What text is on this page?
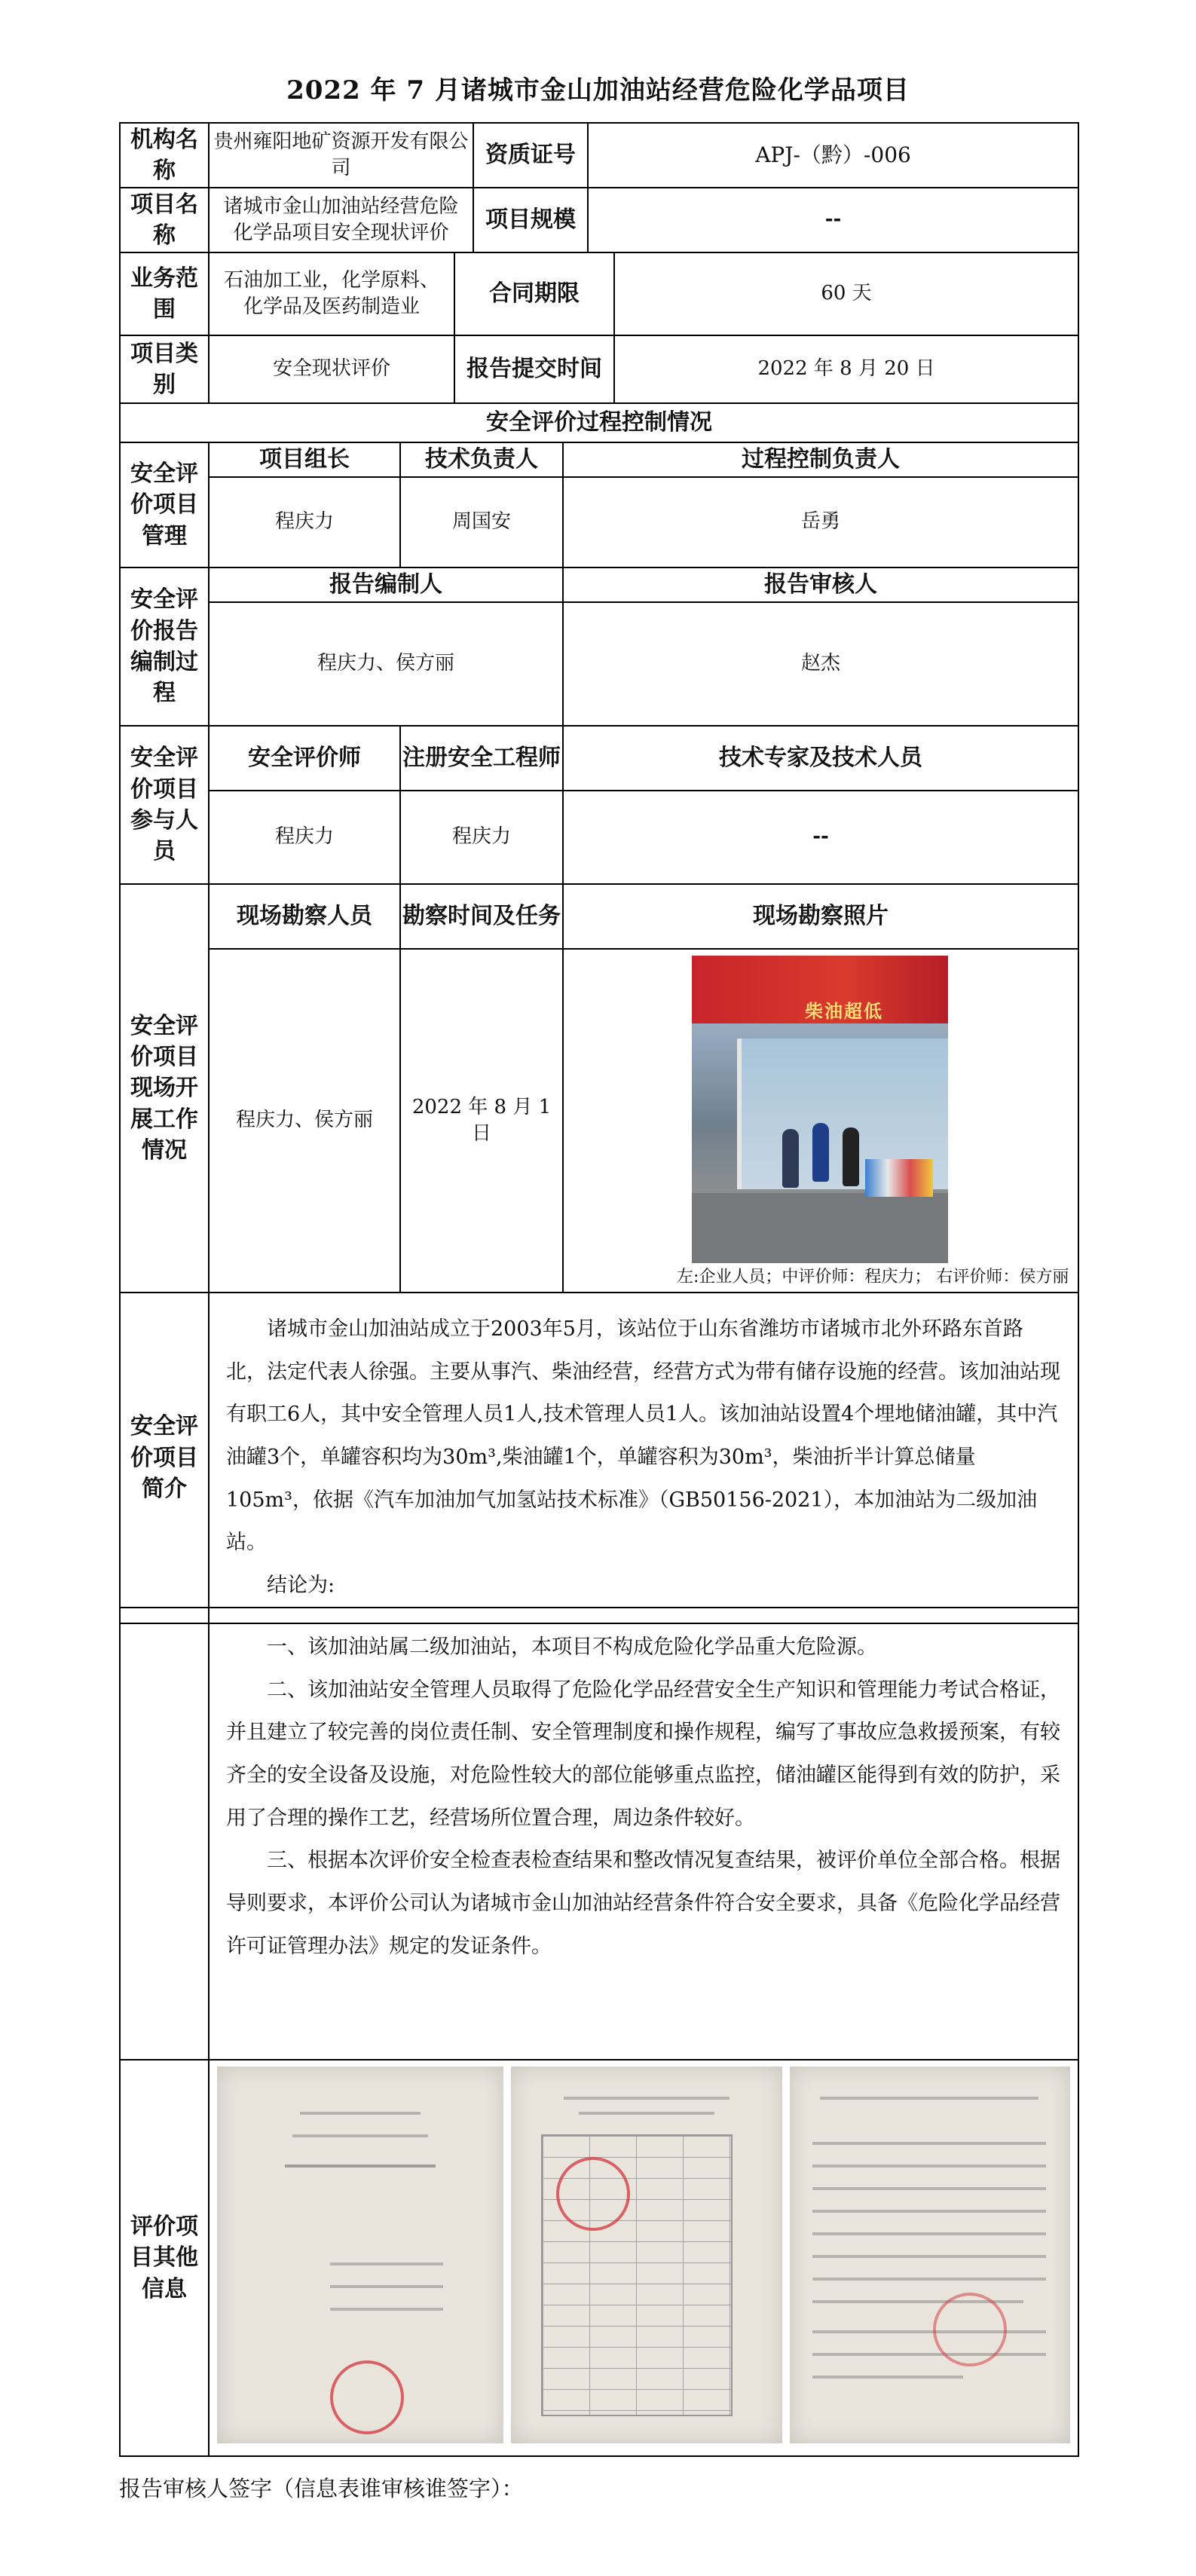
2022 年 7 月诸城市金山加油站经营危险化学品项目
机构名称	贵州雍阳地矿资源开发有限公司		资质证号	APJ-（黔）-006	
项目名称	诸城市金山加油站经营危险化学品项目安全现状评价		项目规模	--	
业务范围	石油加工业，化学原料、化学品及医药制造业	合同期限			60 天
项目类别	安全现状评价	报告提交时间			2022 年 8 月 20 日
安全评价过程控制情况					
安全评价项目管理	项目组长	技术负责人	过程控制负责人
	程庆力	周国安	岳勇
安全评价报告编制过程	报告编制人		报告审核人
	程庆力、侯方丽		赵杰
安全评价项目参与人员	安全评价师	注册安全工程师	技术专家及技术人员
	程庆力	程庆力	--
安全评价项目现场开展工作情况	现场勘察人员	勘察时间及任务	现场勘察照片
	程庆力、侯方丽	2022 年 8 月 1 日	柴油超低
左:企业人员；中评价师：程庆力； 右评价师：侯方丽

安全评价项目简介	诸城市金山加油站成立于2003年5月，该站位于山东省潍坊市诸城市北外环路东首路北，法定代表人徐强。主要从事汽、柴油经营，经营方式为带有储存设施的经营。该加油站现有职工6人，其中安全管理人员1人,技术管理人员1人。该加油站设置4个埋地储油罐，其中汽油罐3个，单罐容积均为30m³,柴油罐1个，单罐容积为30m³，柴油折半计算总储量105m³，依据《汽车加油加气加氢站技术标准》（GB50156-2021），本加油站为二级加油站。

结论为:		

	一、该加油站属二级加油站，本项目不构成危险化学品重大危险源。

二、该加油站安全管理人员取得了危险化学品经营安全生产知识和管理能力考试合格证，并且建立了较完善的岗位责任制、安全管理制度和操作规程，编写了事故应急救援预案，有较齐全的安全设备及设施，对危险性较大的部位能够重点监控，储油罐区能得到有效的防护，采用了合理的操作工艺，经营场所位置合理，周边条件较好。

三、根据本次评价安全检查表检查结果和整改情况复查结果，被评价单位全部合格。根据导则要求，本评价公司认为诸城市金山加油站经营条件符合安全要求，具备《危险化学品经营许可证管理办法》规定的发证条件。

评价项目其他信息	
报告审核人签字（信息表谁审核谁签字）：
